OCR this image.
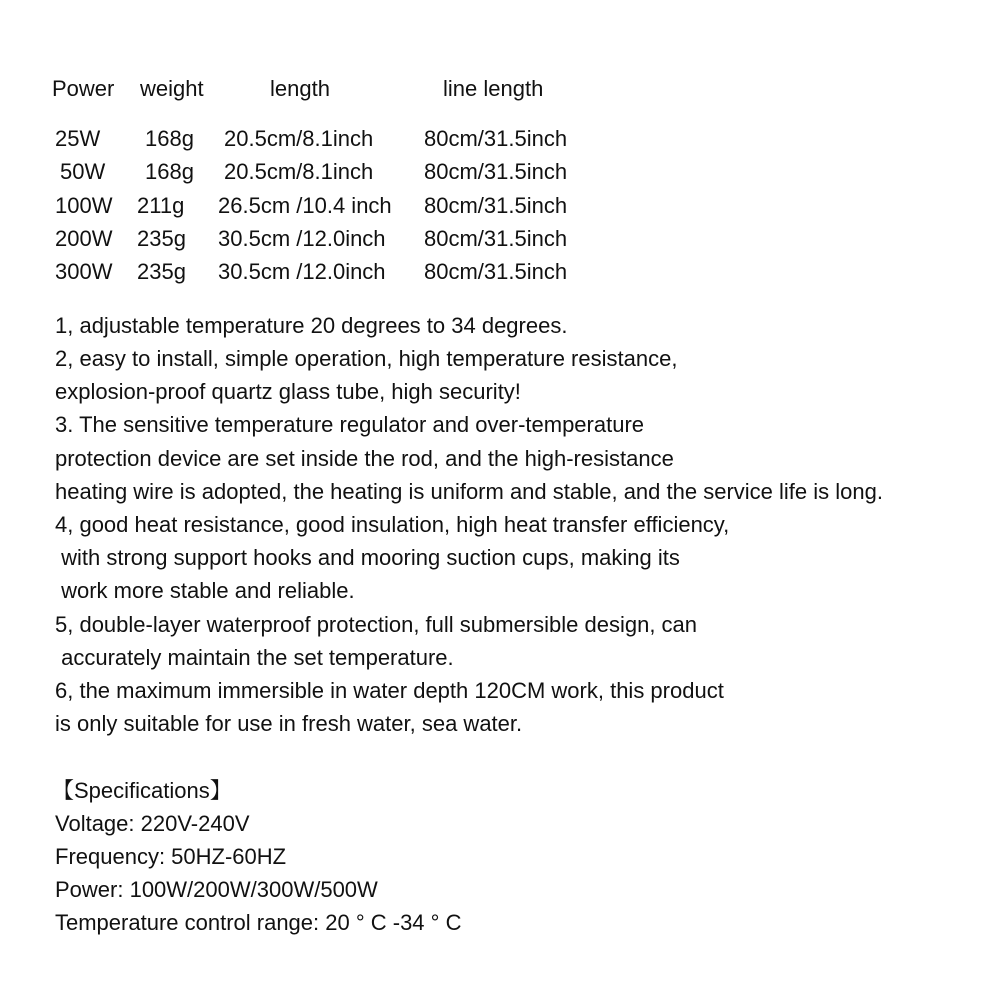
Power weight	length	line length
25W 168g 20.5cm/8.1inch 80cm/31.5inch
50W 168g 20.5cm/8.1inch 80cm/31.5inch
100W 211g 26.5cm /10.4 inch 80cm/31.5inch
200W 235g 30.5cm /12.0inch 80cm/31.5inch
300W 235g 30.5cm /12.0inch 80cm/31.5inch
1, adjustable temperature 20 degrees to 34 degrees.
2, easy to install, simple operation, high temperature resistance,
explosion-proof quartz glass tube, high security!
3. The sensitive temperature regulator and over-temperature
protection device are set inside the rod, and the high-resistance
heating wire is adopted, the heating is uniform and stable, and the service life is long.
4, good heat resistance, good insulation, high heat transfer efficiency,
with strong support hooks and mooring suction cups, making its
work more stable and reliable.
5, double-layer waterproof protection, full submersible design, can
accurately maintain the set temperature.
6, the maximum immersible in water depth 120CM work, this product
is only suitable for use in fresh water, sea water.
【Specifications】
Voltage: 220V-240V
Frequency: 50HZ-60HZ
Power: 100W/200W/300W/500W
Temperature control range: 20 ° C -34 ° C
